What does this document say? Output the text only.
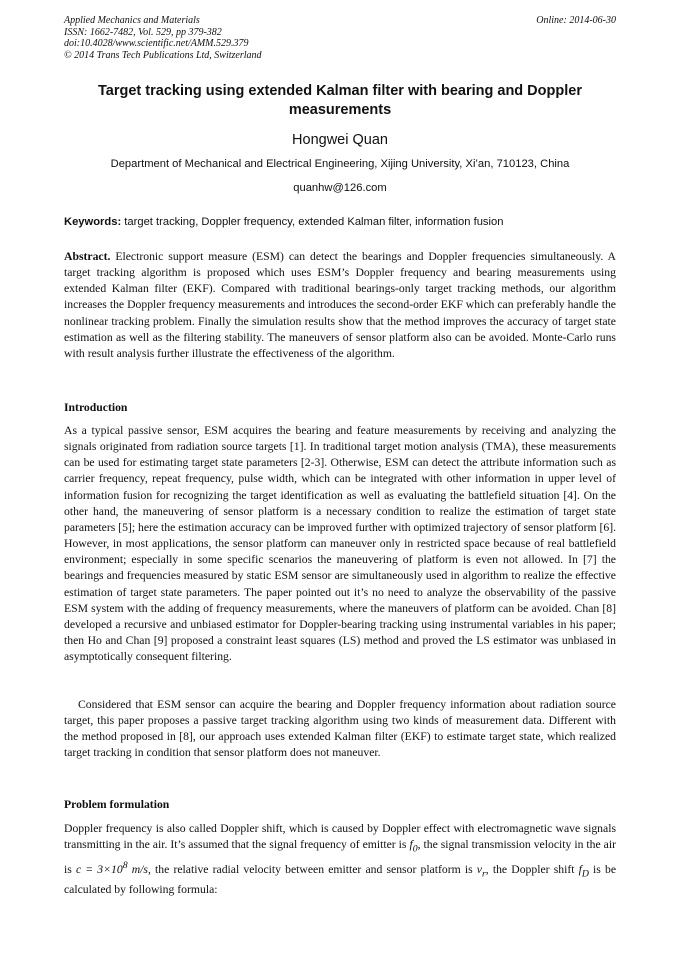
Applied Mechanics and Materials
ISSN: 1662-7482, Vol. 529, pp 379-382
doi:10.4028/www.scientific.net/AMM.529.379
© 2014 Trans Tech Publications Ltd, Switzerland
Online: 2014-06-30
Target tracking using extended Kalman filter with bearing and Doppler measurements
Hongwei Quan
Department of Mechanical and Electrical Engineering, Xijing University, Xi’an, 710123, China
quanhw@126.com
Keywords: target tracking, Doppler frequency, extended Kalman filter, information fusion
Abstract. Electronic support measure (ESM) can detect the bearings and Doppler frequencies simultaneously. A target tracking algorithm is proposed which uses ESM’s Doppler frequency and bearing measurements using extended Kalman filter (EKF). Compared with traditional bearings-only target tracking methods, our algorithm increases the Doppler frequency measurements and introduces the second-order EKF which can preferably handle the nonlinear tracking problem. Finally the simulation results show that the method improves the accuracy of target state estimation as well as the filtering stability. The maneuvers of sensor platform also can be avoided. Monte-Carlo runs with result analysis further illustrate the effectiveness of the algorithm.
Introduction
As a typical passive sensor, ESM acquires the bearing and feature measurements by receiving and analyzing the signals originated from radiation source targets [1]. In traditional target motion analysis (TMA), these measurements can be used for estimating target state parameters [2-3]. Otherwise, ESM can detect the attribute information such as carrier frequency, repeat frequency, pulse width, which can be integrated with other information in upper level of information fusion for recognizing the target identification as well as evaluating the battlefield situation [4]. On the other hand, the maneuvering of sensor platform is a necessary condition to realize the estimation of target state parameters [5]; here the estimation accuracy can be improved further with optimized trajectory of sensor platform [6]. However, in most applications, the sensor platform can maneuver only in restricted space because of real battlefield environment; especially in some specific scenarios the maneuvering of platform is even not allowed. In [7] the bearings and frequencies measured by static ESM sensor are simultaneously used in algorithm to realize the effective estimation of target state parameters. The paper pointed out it’s no need to analyze the observability of the passive ESM system with the adding of frequency measurements, where the maneuvers of platform can be avoided. Chan [8] developed a recursive and unbiased estimator for Doppler-bearing tracking using instrumental variables in his paper; then Ho and Chan [9] proposed a constraint least squares (LS) method and proved the LS estimator was unbiased in asymptotically consequent filtering.
Considered that ESM sensor can acquire the bearing and Doppler frequency information about radiation source target, this paper proposes a passive target tracking algorithm using two kinds of measurement data. Different with the method proposed in [8], our approach uses extended Kalman filter (EKF) to estimate target state, which realized target tracking in condition that sensor platform does not maneuver.
Problem formulation
Doppler frequency is also called Doppler shift, which is caused by Doppler effect with electromagnetic wave signals transmitting in the air. It’s assumed that the signal frequency of emitter is $f_0$, the signal transmission velocity in the air is $c = 3\times 10^8$ m/s, the relative radial velocity between emitter and sensor platform is $v_r$, the Doppler shift $f_D$ is be calculated by following formula:
